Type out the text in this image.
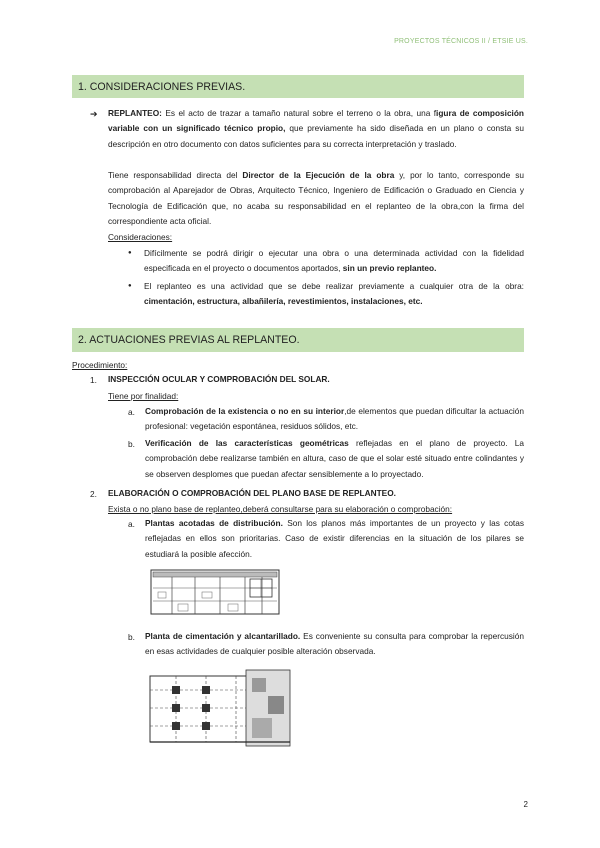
PROYECTOS TÉCNICOS II / ETSIE US.
1. CONSIDERACIONES PREVIAS.
➔ REPLANTEO: Es el acto de trazar a tamaño natural sobre el terreno o la obra, una figura de composición variable con un significado técnico propio, que previamente ha sido diseñada en un plano o consta su descripción en otro documento con datos suficientes para su correcta interpretación y traslado.
Tiene responsabilidad directa del Director de la Ejecución de la obra y, por lo tanto, corresponde su comprobación al Aparejador de Obras, Arquitecto Técnico, Ingeniero de Edificación o Graduado en Ciencia y Tecnología de Edificación que, no acaba su responsabilidad en el replanteo de la obra,con la firma del correspondiente acta oficial.
Consideraciones:
● Difícilmente se podrá dirigir o ejecutar una obra o una determinada actividad con la fidelidad especificada en el proyecto o documentos aportados, sin un previo replanteo.
● El replanteo es una actividad que se debe realizar previamente a cualquier otra de la obra: cimentación, estructura, albañilería, revestimientos, instalaciones, etc.
2. ACTUACIONES PREVIAS AL REPLANTEO.
Procedimiento:
1. INSPECCIÓN OCULAR Y COMPROBACIÓN DEL SOLAR.
Tiene por finalidad:
a. Comprobación de la existencia o no en su interior,de elementos que puedan dificultar la actuación profesional: vegetación espontánea, residuos sólidos, etc.
b. Verificación de las características geométricas reflejadas en el plano de proyecto. La comprobación debe realizarse también en altura, caso de que el solar esté situado entre colindantes y se observen desplomes que puedan afectar sensiblemente a lo proyectado.
2. ELABORACIÓN O COMPROBACIÓN DEL PLANO BASE DE REPLANTEO.
Exista o no plano base de replanteo,deberá consultarse para su elaboración o comprobación:
a. Plantas acotadas de distribución. Son los planos más importantes de un proyecto y las cotas reflejadas en ellos son prioritarias. Caso de existir diferencias en la situación de los pilares se estudiará la posible afección.
b. Planta de cimentación y alcantarillado. Es conveniente su consulta para comprobar la repercusión en esas actividades de cualquier posible alteración observada.
2
